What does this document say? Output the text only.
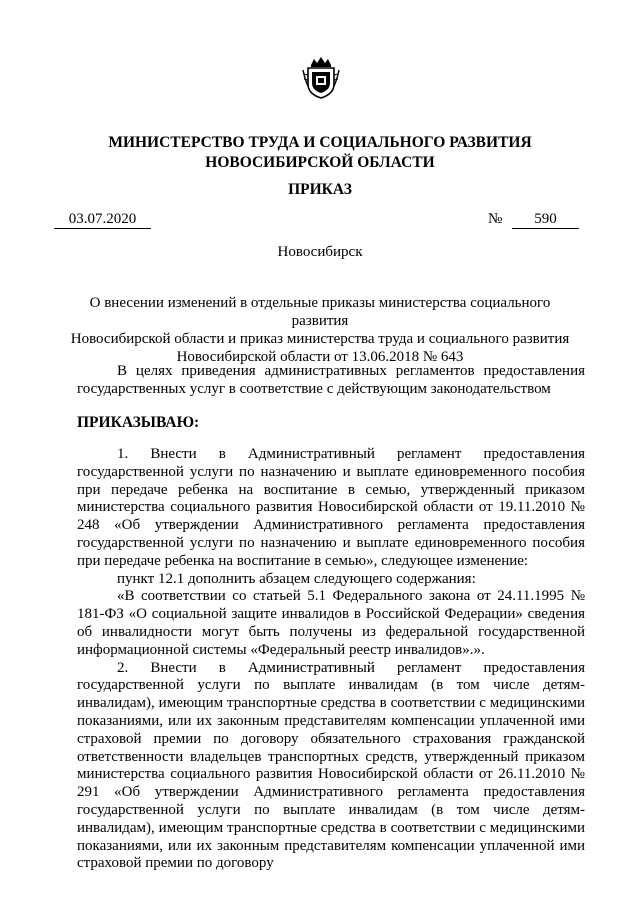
МИНИСТЕРСТВО ТРУДА И СОЦИАЛЬНОГО РАЗВИТИЯ
НОВОСИБИРСКОЙ ОБЛАСТИ
ПРИКАЗ
03.07.2020	№	590
Новосибирск
О внесении изменений в отдельные приказы министерства социального развития
Новосибирской области и приказ министерства труда и социального развития
Новосибирской области от 13.06.2018 № 643
В целях приведения административных регламентов предоставления государственных услуг в соответствие с действующим законодательством
ПРИКАЗЫВАЮ:

1. Внести в Административный регламент предоставления государственной услуги по назначению и выплате единовременного пособия при передаче ребенка на воспитание в семью, утвержденный приказом министерства социального развития Новосибирской области от 19.11.2010 № 248 «Об утверждении Административного регламента предоставления государственной услуги по назначению и выплате единовременного пособия при передаче ребенка на воспитание в семью», следующее изменение:

пункт 12.1 дополнить абзацем следующего содержания:

«В соответствии со статьей 5.1 Федерального закона от 24.11.1995 № 181-ФЗ «О социальной защите инвалидов в Российской Федерации» сведения об инвалидности могут быть получены из федеральной государственной информационной системы «Федеральный реестр инвалидов».».

2. Внести в Административный регламент предоставления государственной услуги по выплате инвалидам (в том числе детям-инвалидам), имеющим транспортные средства в соответствии с медицинскими показаниями, или их законным представителям компенсации уплаченной ими страховой премии по договору обязательного страхования гражданской ответственности владельцев транспортных средств, утвержденный приказом министерства социального развития Новосибирской области от 26.11.2010 № 291 «Об утверждении Административного регламента предоставления государственной услуги по выплате инвалидам (в том числе детям-инвалидам), имеющим транспортные средства в соответствии с медицинскими показаниями, или их законным представителям компенсации уплаченной ими страховой премии по договору
